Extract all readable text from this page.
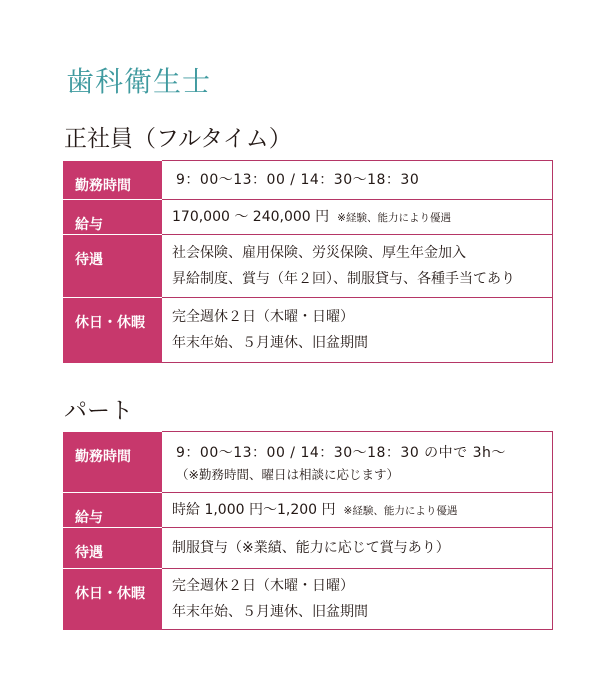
歯科衛生士
正社員（フルタイム）
勤務時間	9：00～13：00 / 14：30～18：30
給与	170,000 ～ 240,000 円 ※経験、能力により優遇
待遇	社会保険、雇用保険、労災保険、厚生年金加入
昇給制度、賞与（年２回）、制服貸与、各種手当てあり

休日・休暇	完全週休２日（木曜・日曜）
年末年始、５月連休、旧盆期間
パート
勤務時間	9：00～13：00 / 14：30～18：30 の中で 3h～
（※勤務時間、曜日は相談に応じます）

給与	時給 1,000 円～1,200 円 ※経験、能力により優遇
待遇	制服貸与（※業績、能力に応じて賞与あり）
休日・休暇	完全週休２日（木曜・日曜）
年末年始、５月連休、旧盆期間
